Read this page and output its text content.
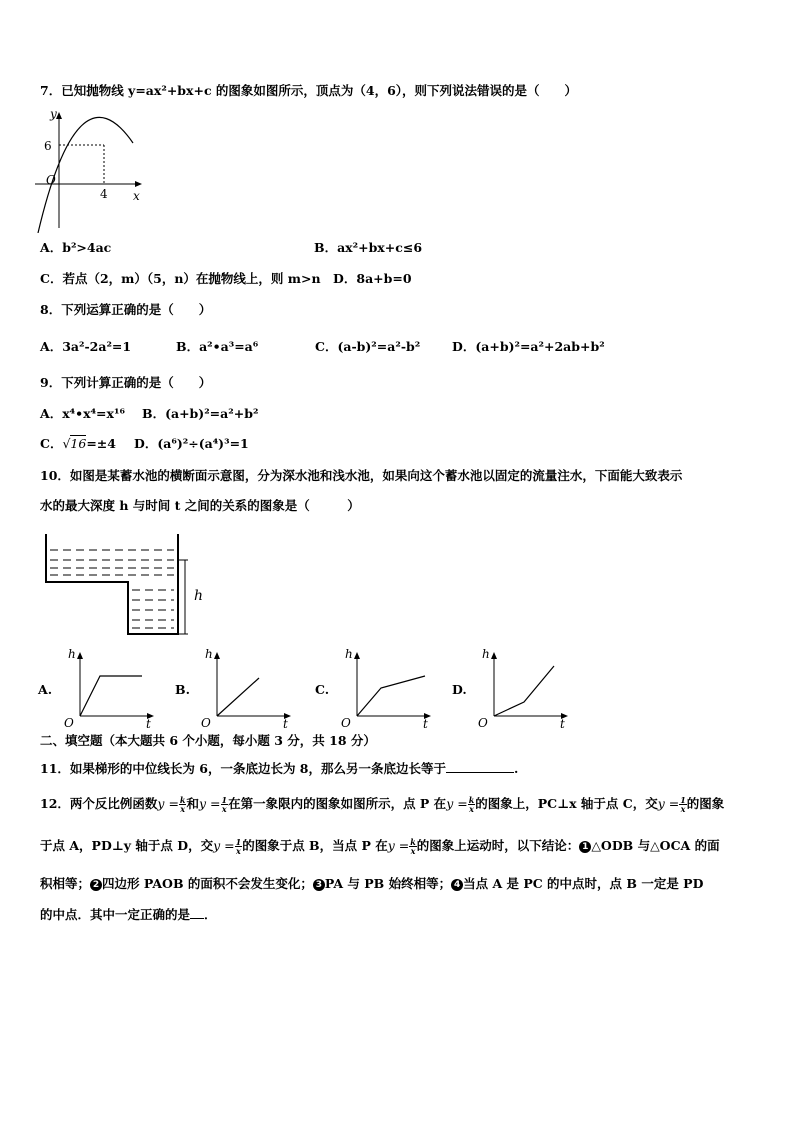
7．已知抛物线 y=ax²+bx+c 的图象如图所示，顶点为（4，6），则下列说法错误的是（　　）
y
6
O
4 x
A．b²>4ac	B．ax²+bx+c≤6
C．若点（2，m）（5，n）在抛物线上，则 m>n　D．8a+b=0
8．下列运算正确的是（　　）
A．3a²-2a²=1	B．a²•a³=a⁶	C．(a-b)²=a²-b²	D．(a+b)²=a²+2ab+b²
9．下列计算正确的是（　　）
A．x⁴•x⁴=x¹⁶ B．(a+b)²=a²+b²
C．√16=±4 D．(a⁶)²÷(a⁴)³=1
10．如图是某蓄水池的横断面示意图，分为深水池和浅水池，如果向这个蓄水池以固定的流量注水，下面能大致表示
水的最大深度 h 与时间 t 之间的关系的图象是（　　　）
h
A.
h
O	t
B.
h
O	t
C.
h
O	t
D.
h
O	t
二、填空题（本大题共 6 个小题，每小题 3 分，共 18 分）
11．如果梯形的中位线长为 6，一条底边长为 8，那么另一条底边长等于	.
12．两个反比例函数$y = \frac{k}{x}$ 和$y = \frac{1}{x}$ 在第一象限内的图象如图所示，点 P 在$y = \frac{k}{x}$ 的图象上，PC⊥x 轴于点 C，交$y = \frac{1}{x}$ 的图象
于点 A，PD⊥y 轴于点 D，交$y = \frac{1}{x}$ 的图象于点 B，当点 P 在$y = \frac{k}{x}$ 的图象上运动时，以下结论： 1 △ODB 与△OCA 的面
积相等； 2 四边形 PAOB 的面积不会发生变化； 3 PA 与 PB 始终相等； 4 当点 A 是 PC 的中点时，点 B 一定是 PD
的中点．其中一定正确的是 ．
